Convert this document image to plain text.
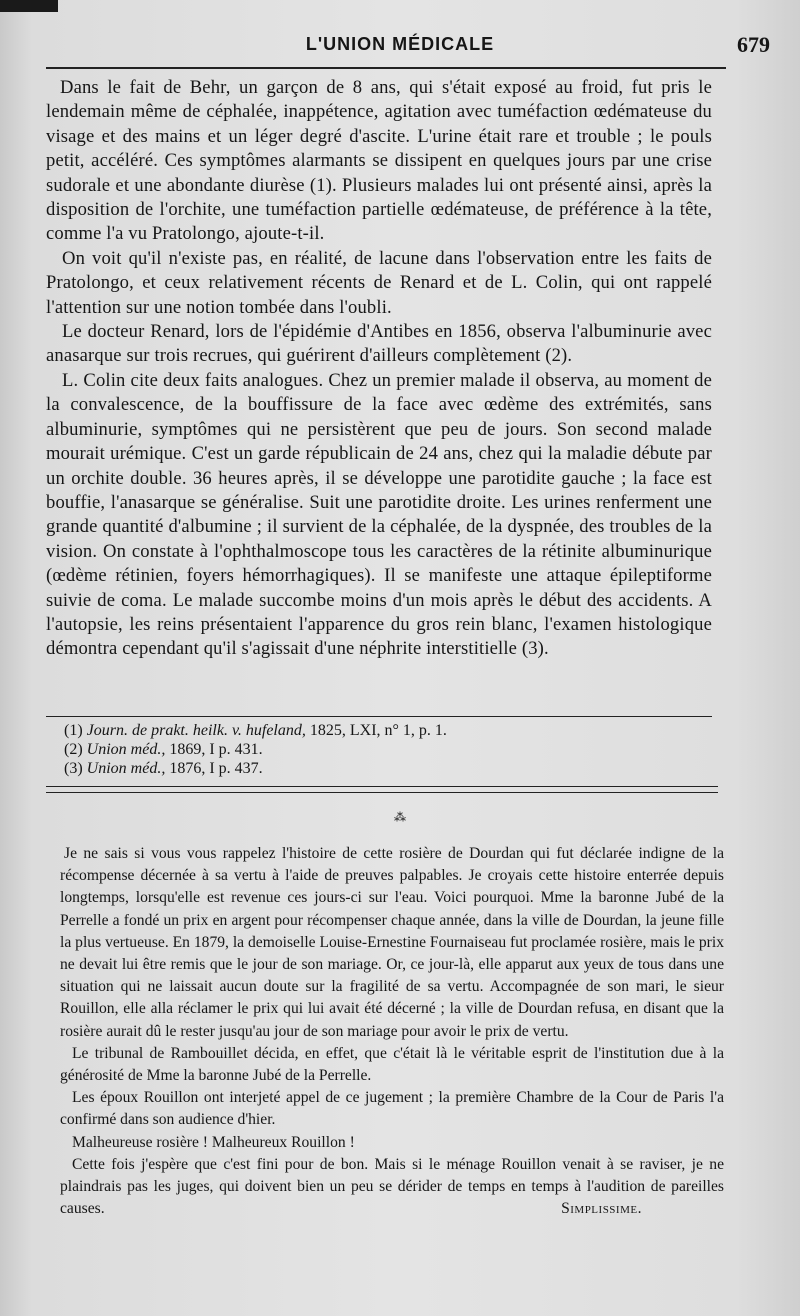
L'UNION MÉDICALE	679

Dans le fait de Behr, un garçon de 8 ans, qui s'était exposé au froid, fut pris le lendemain même de céphalée, inappétence, agitation avec tuméfaction œdémateuse du visage et des mains et un léger degré d'ascite. L'urine était rare et trouble ; le pouls petit, accéléré. Ces symptômes alarmants se dissipent en quelques jours par une crise sudorale et une abondante diurèse (1). Plusieurs malades lui ont présenté ainsi, après la disposition de l'orchite, une tuméfaction partielle œdémateuse, de préférence à la tête, comme l'a vu Pratolongo, ajoute-t-il.

On voit qu'il n'existe pas, en réalité, de lacune dans l'observation entre les faits de Pratolongo, et ceux relativement récents de Renard et de L. Colin, qui ont rappelé l'attention sur une notion tombée dans l'oubli.

Le docteur Renard, lors de l'épidémie d'Antibes en 1856, observa l'albuminurie avec anasarque sur trois recrues, qui guérirent d'ailleurs complètement (2).

L. Colin cite deux faits analogues. Chez un premier malade il observa, au moment de la convalescence, de la bouffissure de la face avec œdème des extrémités, sans albuminurie, symptômes qui ne persistèrent que peu de jours. Son second malade mourait urémique. C'est un garde républicain de 24 ans, chez qui la maladie débute par un orchite double. 36 heures après, il se développe une parotidite gauche ; la face est bouffie, l'anasarque se généralise. Suit une parotidite droite. Les urines renferment une grande quantité d'albumine ; il survient de la céphalée, de la dyspnée, des troubles de la vision. On constate à l'ophthalmoscope tous les caractères de la rétinite albuminurique (œdème rétinien, foyers hémorrhagiques). Il se manifeste une attaque épileptiforme suivie de coma. Le malade succombe moins d'un mois après le début des accidents. A l'autopsie, les reins présentaient l'apparence du gros rein blanc, l'examen histologique démontra cependant qu'il s'agissait d'une néphrite interstitielle (3).

(1) Journ. de prakt. heilk. v. hufeland, 1825, LXI, n° 1, p. 1.

(2) Union méd., 1869, I p. 431.

(3) Union méd., 1876, I p. 437.

⁂

Je ne sais si vous vous rappelez l'histoire de cette rosière de Dourdan qui fut déclarée indigne de la récompense décernée à sa vertu à l'aide de preuves palpables. Je croyais cette histoire enterrée depuis longtemps, lorsqu'elle est revenue ces jours-ci sur l'eau. Voici pourquoi. Mme la baronne Jubé de la Perrelle a fondé un prix en argent pour récompenser chaque année, dans la ville de Dourdan, la jeune fille la plus vertueuse. En 1879, la demoiselle Louise-Ernestine Fournaiseau fut proclamée rosière, mais le prix ne devait lui être remis que le jour de son mariage. Or, ce jour-là, elle apparut aux yeux de tous dans une situation qui ne laissait aucun doute sur la fragilité de sa vertu. Accompagnée de son mari, le sieur Rouillon, elle alla réclamer le prix qui lui avait été décerné ; la ville de Dourdan refusa, en disant que la rosière aurait dû le rester jusqu'au jour de son mariage pour avoir le prix de vertu.

Le tribunal de Rambouillet décida, en effet, que c'était là le véritable esprit de l'institution due à la générosité de Mme la baronne Jubé de la Perrelle.

Les époux Rouillon ont interjeté appel de ce jugement ; la première Chambre de la Cour de Paris l'a confirmé dans son audience d'hier.

Malheureuse rosière ! Malheureux Rouillon !

Cette fois j'espère que c'est fini pour de bon. Mais si le ménage Rouillon venait à se raviser, je ne plaindrais pas les juges, qui doivent bien un peu se dérider de temps en temps à l'audition de pareilles causes.	Simplissime.
